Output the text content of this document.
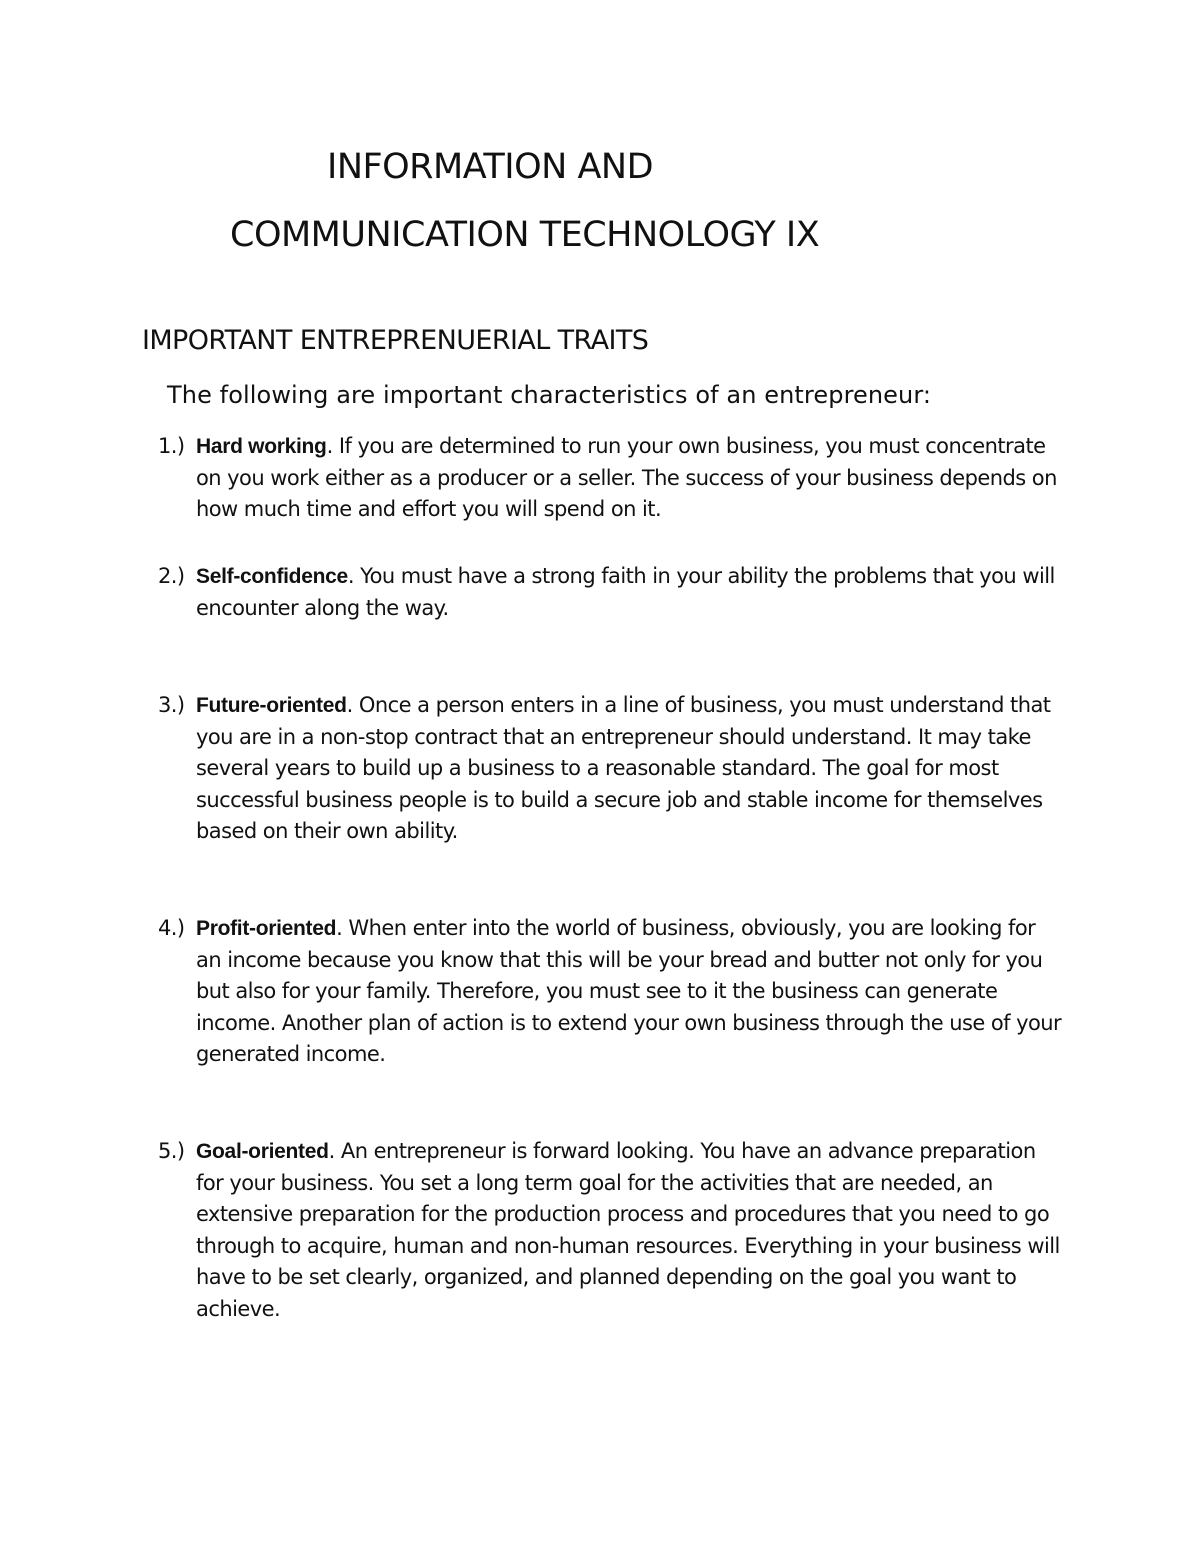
INFORMATION AND
COMMUNICATION TECHNOLOGY IX
IMPORTANT ENTREPRENUERIAL TRAITS

The following are important characteristics of an entrepreneur:

1.) Hard working. If you are determined to run your own business, you must concentrate on you work either as a producer or a seller. The success of your business depends on how much time and effort you will spend on it.
2.) Self-confidence. You must have a strong faith in your ability the problems that you will encounter along the way.
3.) Future-oriented. Once a person enters in a line of business, you must understand that you are in a non-stop contract that an entrepreneur should understand. It may take several years to build up a business to a reasonable standard. The goal for most successful business people is to build a secure job and stable income for themselves based on their own ability.
4.) Profit-oriented. When enter into the world of business, obviously, you are looking for an income because you know that this will be your bread and butter not only for you but also for your family. Therefore, you must see to it the business can generate income. Another plan of action is to extend your own business through the use of your generated income.
5.) Goal-oriented. An entrepreneur is forward looking. You have an advance preparation for your business. You set a long term goal for the activities that are needed, an extensive preparation for the production process and procedures that you need to go through to acquire, human and non-human resources. Everything in your business will have to be set clearly, organized, and planned depending on the goal you want to achieve.
